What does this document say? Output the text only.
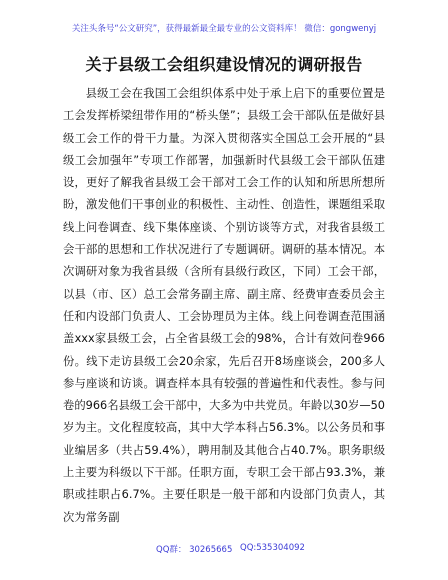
关注头条号“公文研究”，获得最新最全最专业的公文资料库！ 微信：gongwenyj
关于县级工会组织建设情况的调研报告

县级工会在我国工会组织体系中处于承上启下的重要位置是工会发挥桥梁纽带作用的“桥头堡”；县级工会干部队伍是做好县级工会工作的骨干力量。为深入贯彻落实全国总工会开展的“县级工会加强年”专项工作部署，加强新时代县级工会干部队伍建设，更好了解我省县级工会干部对工会工作的认知和所思所想所盼，激发他们干事创业的积极性、主动性、创造性，课题组采取线上问卷调查、线下集体座谈、个别访谈等方式，对我省县级工会干部的思想和工作状况进行了专题调研。调研的基本情况。本次调研对象为我省县级（含所有县级行政区，下同）工会干部，以县（市、区）总工会常务副主席、副主席、经费审查委员会主任和内设部门负责人、工会协理员为主体。线上问卷调查范围涵盖xxx家县级工会，占全省县级工会的98%，合计有效问卷966份。线下走访县级工会20余家，先后召开8场座谈会，200多人参与座谈和访谈。调查样本具有较强的普遍性和代表性。参与问卷的966名县级工会干部中，大多为中共党员。年龄以30岁—50岁为主。文化程度较高，其中大学本科占56.3%。以公务员和事业编居多（共占59.4%），聘用制及其他合占40.7%。职务职级上主要为科级以下干部。任职方面，专职工会干部占93.3%，兼职或挂职占6.7%。主要任职是一般干部和内设部门负责人，其次为常务副

QQ群： 30265665 QQ:535304092
